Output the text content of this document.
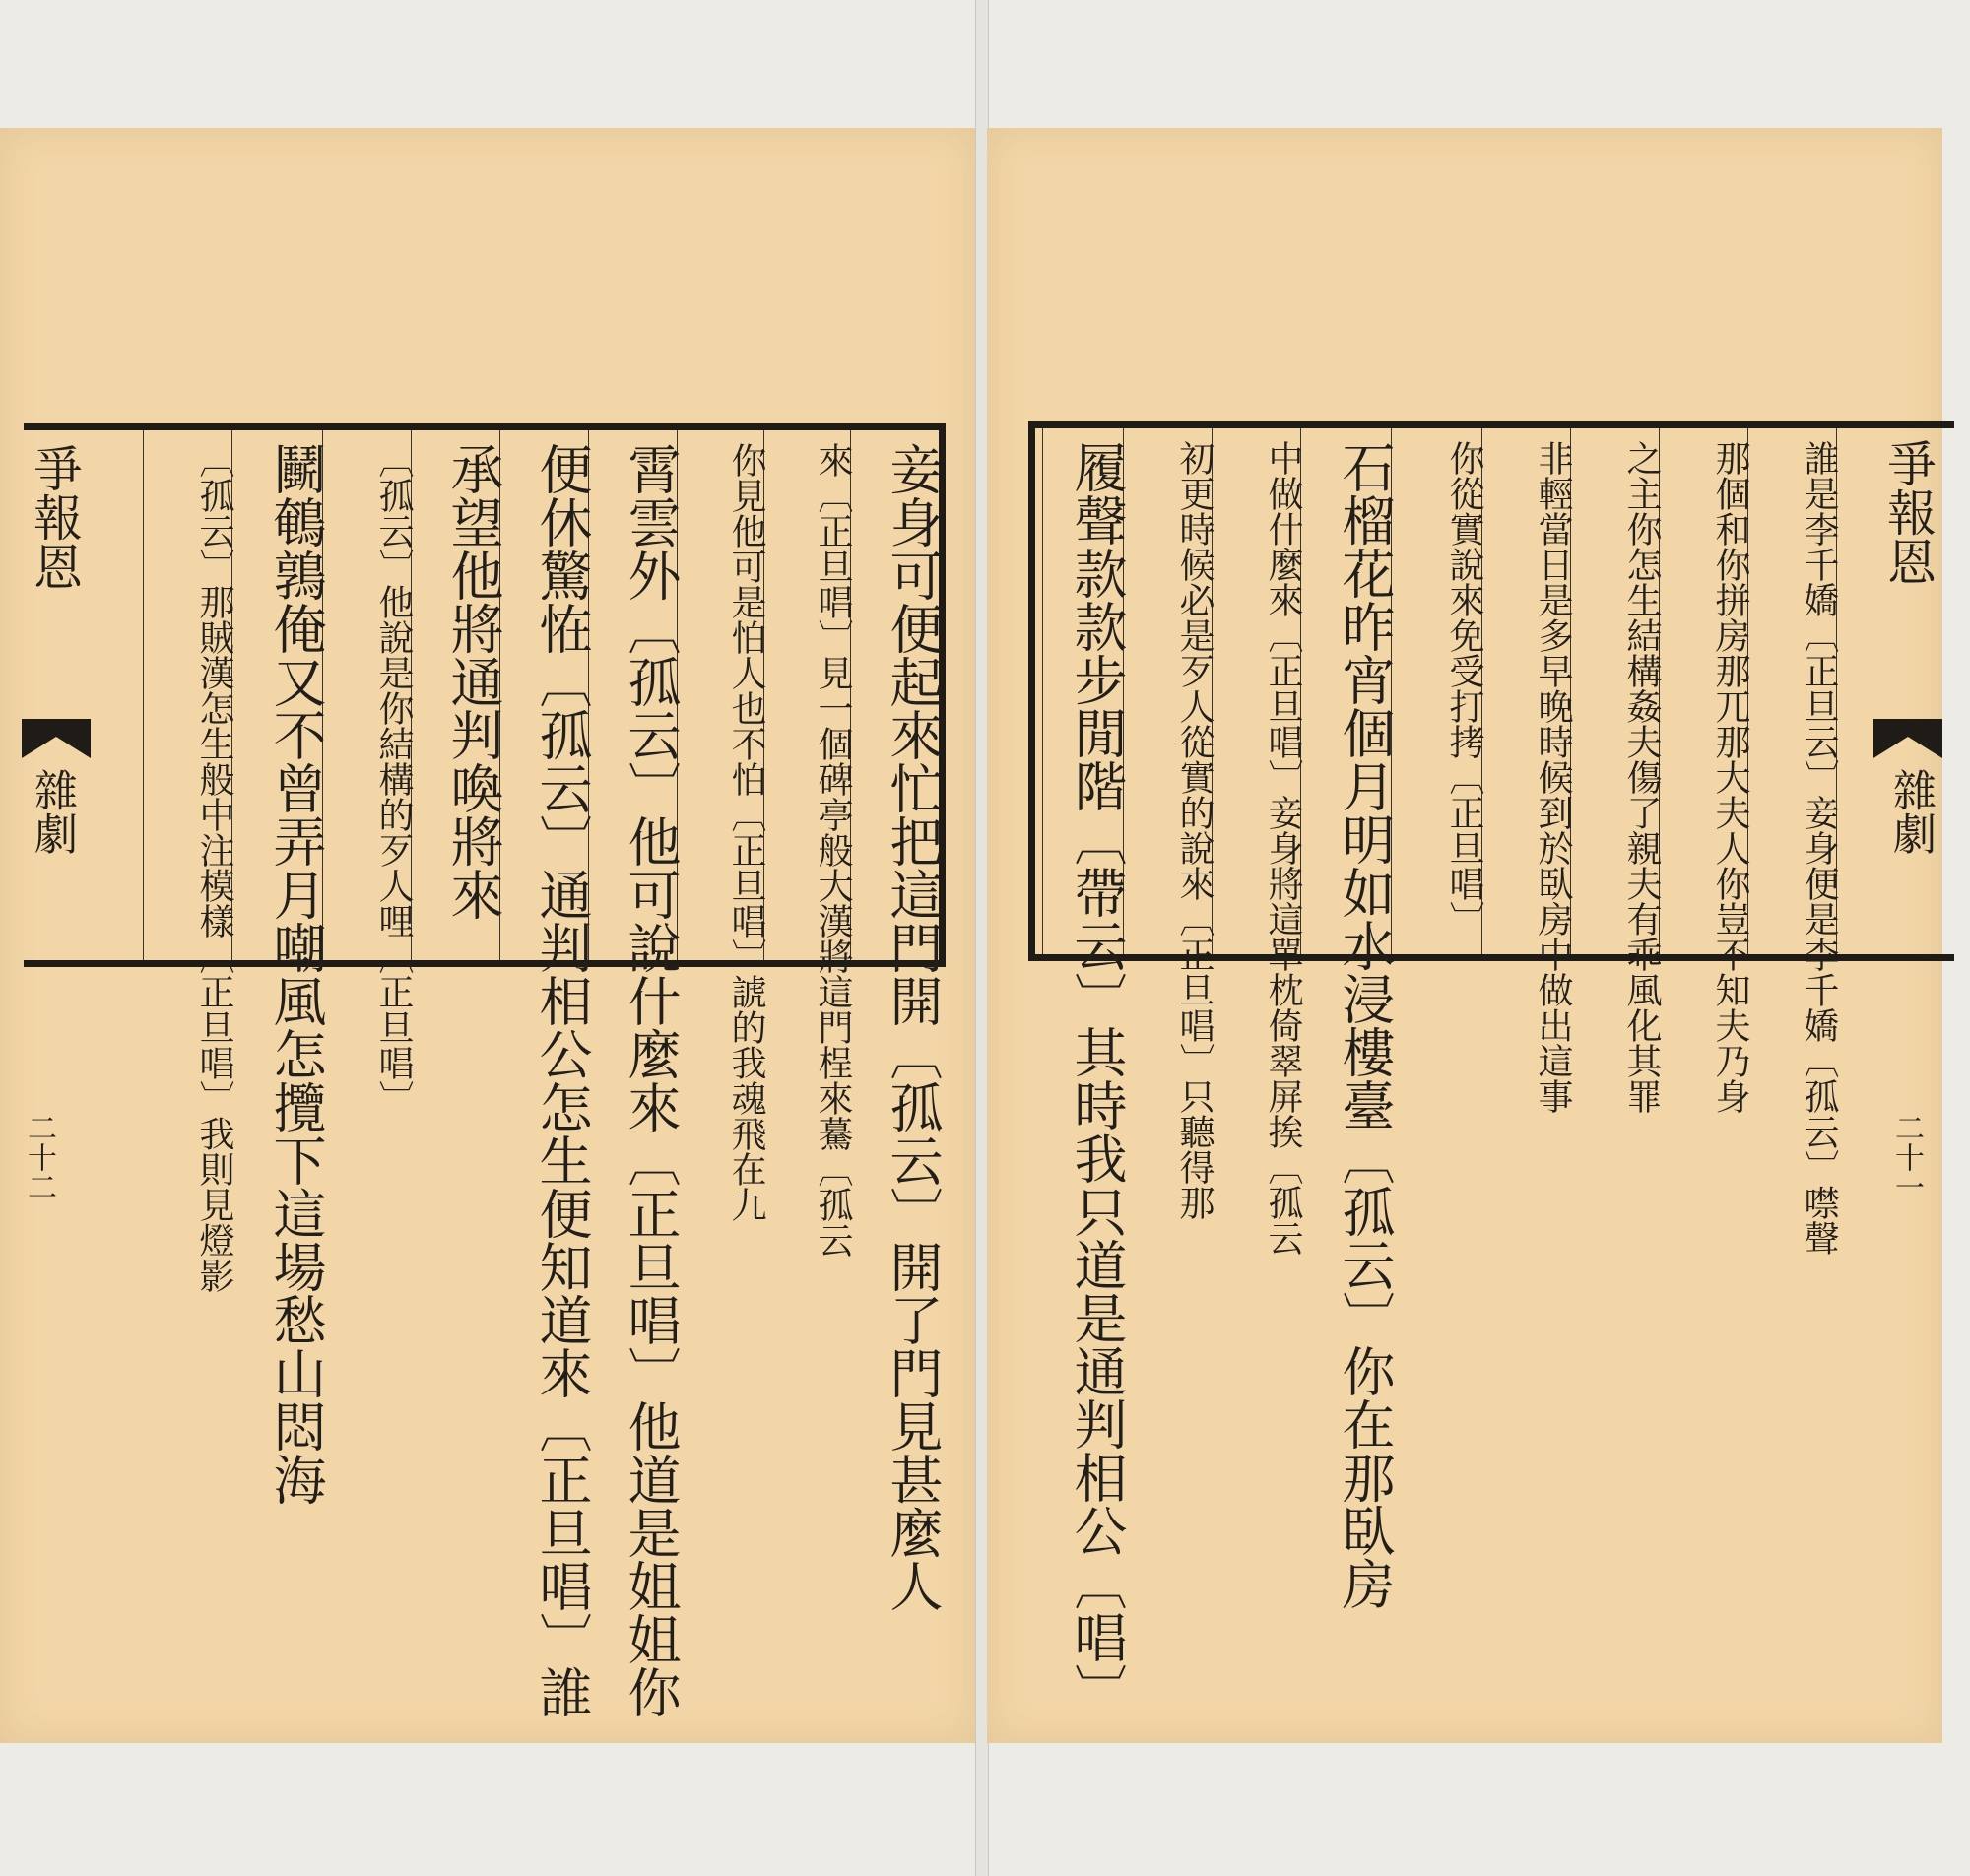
妾身可便起來忙把這門開〔孤云〕開了門見甚麼人
來〔正旦唱〕見一個碑亭般大漢將這門桯來驀〔孤云
你見他可是怕人也不怕〔正旦唱〕諕的我魂飛在九
霄雲外〔孤云〕他可說什麼來〔正旦唱〕他道是姐姐你
便休驚恠〔孤云〕通判相公怎生便知道來〔正旦唱〕誰
承望他將通判喚將來
〔孤云〕他說是你結構的歹人哩〔正旦唱〕
鬭鵪鶉俺又不曾弄月嘲風怎攬下這場愁山悶海
〔孤云〕那賊漢怎生般中注模樣〔正旦唱〕我則見燈影
爭報恩
雜劇
二十二	誰是李千嬌〔正旦云〕妾身便是李千嬌〔孤云〕噤聲
那個和你拼房那兀那大夫人你豈不知夫乃身
之主你怎生結構姦夫傷了親夫有乖風化其罪
非輕當日是多早晚時候到於臥房中做出這事
你從實說來免受打拷〔正旦唱〕
石榴花昨宵個月明如水浸樓臺〔孤云〕你在那臥房
中做什麼來〔正旦唱〕妾身將這單枕倚翠屏挨〔孤云
初更時候必是歹人從實的說來〔正旦唱〕只聽得那
履聲款款步閒階〔帶云〕其時我只道是通判相公〔唱〕	爭報恩
雜劇
二十一
